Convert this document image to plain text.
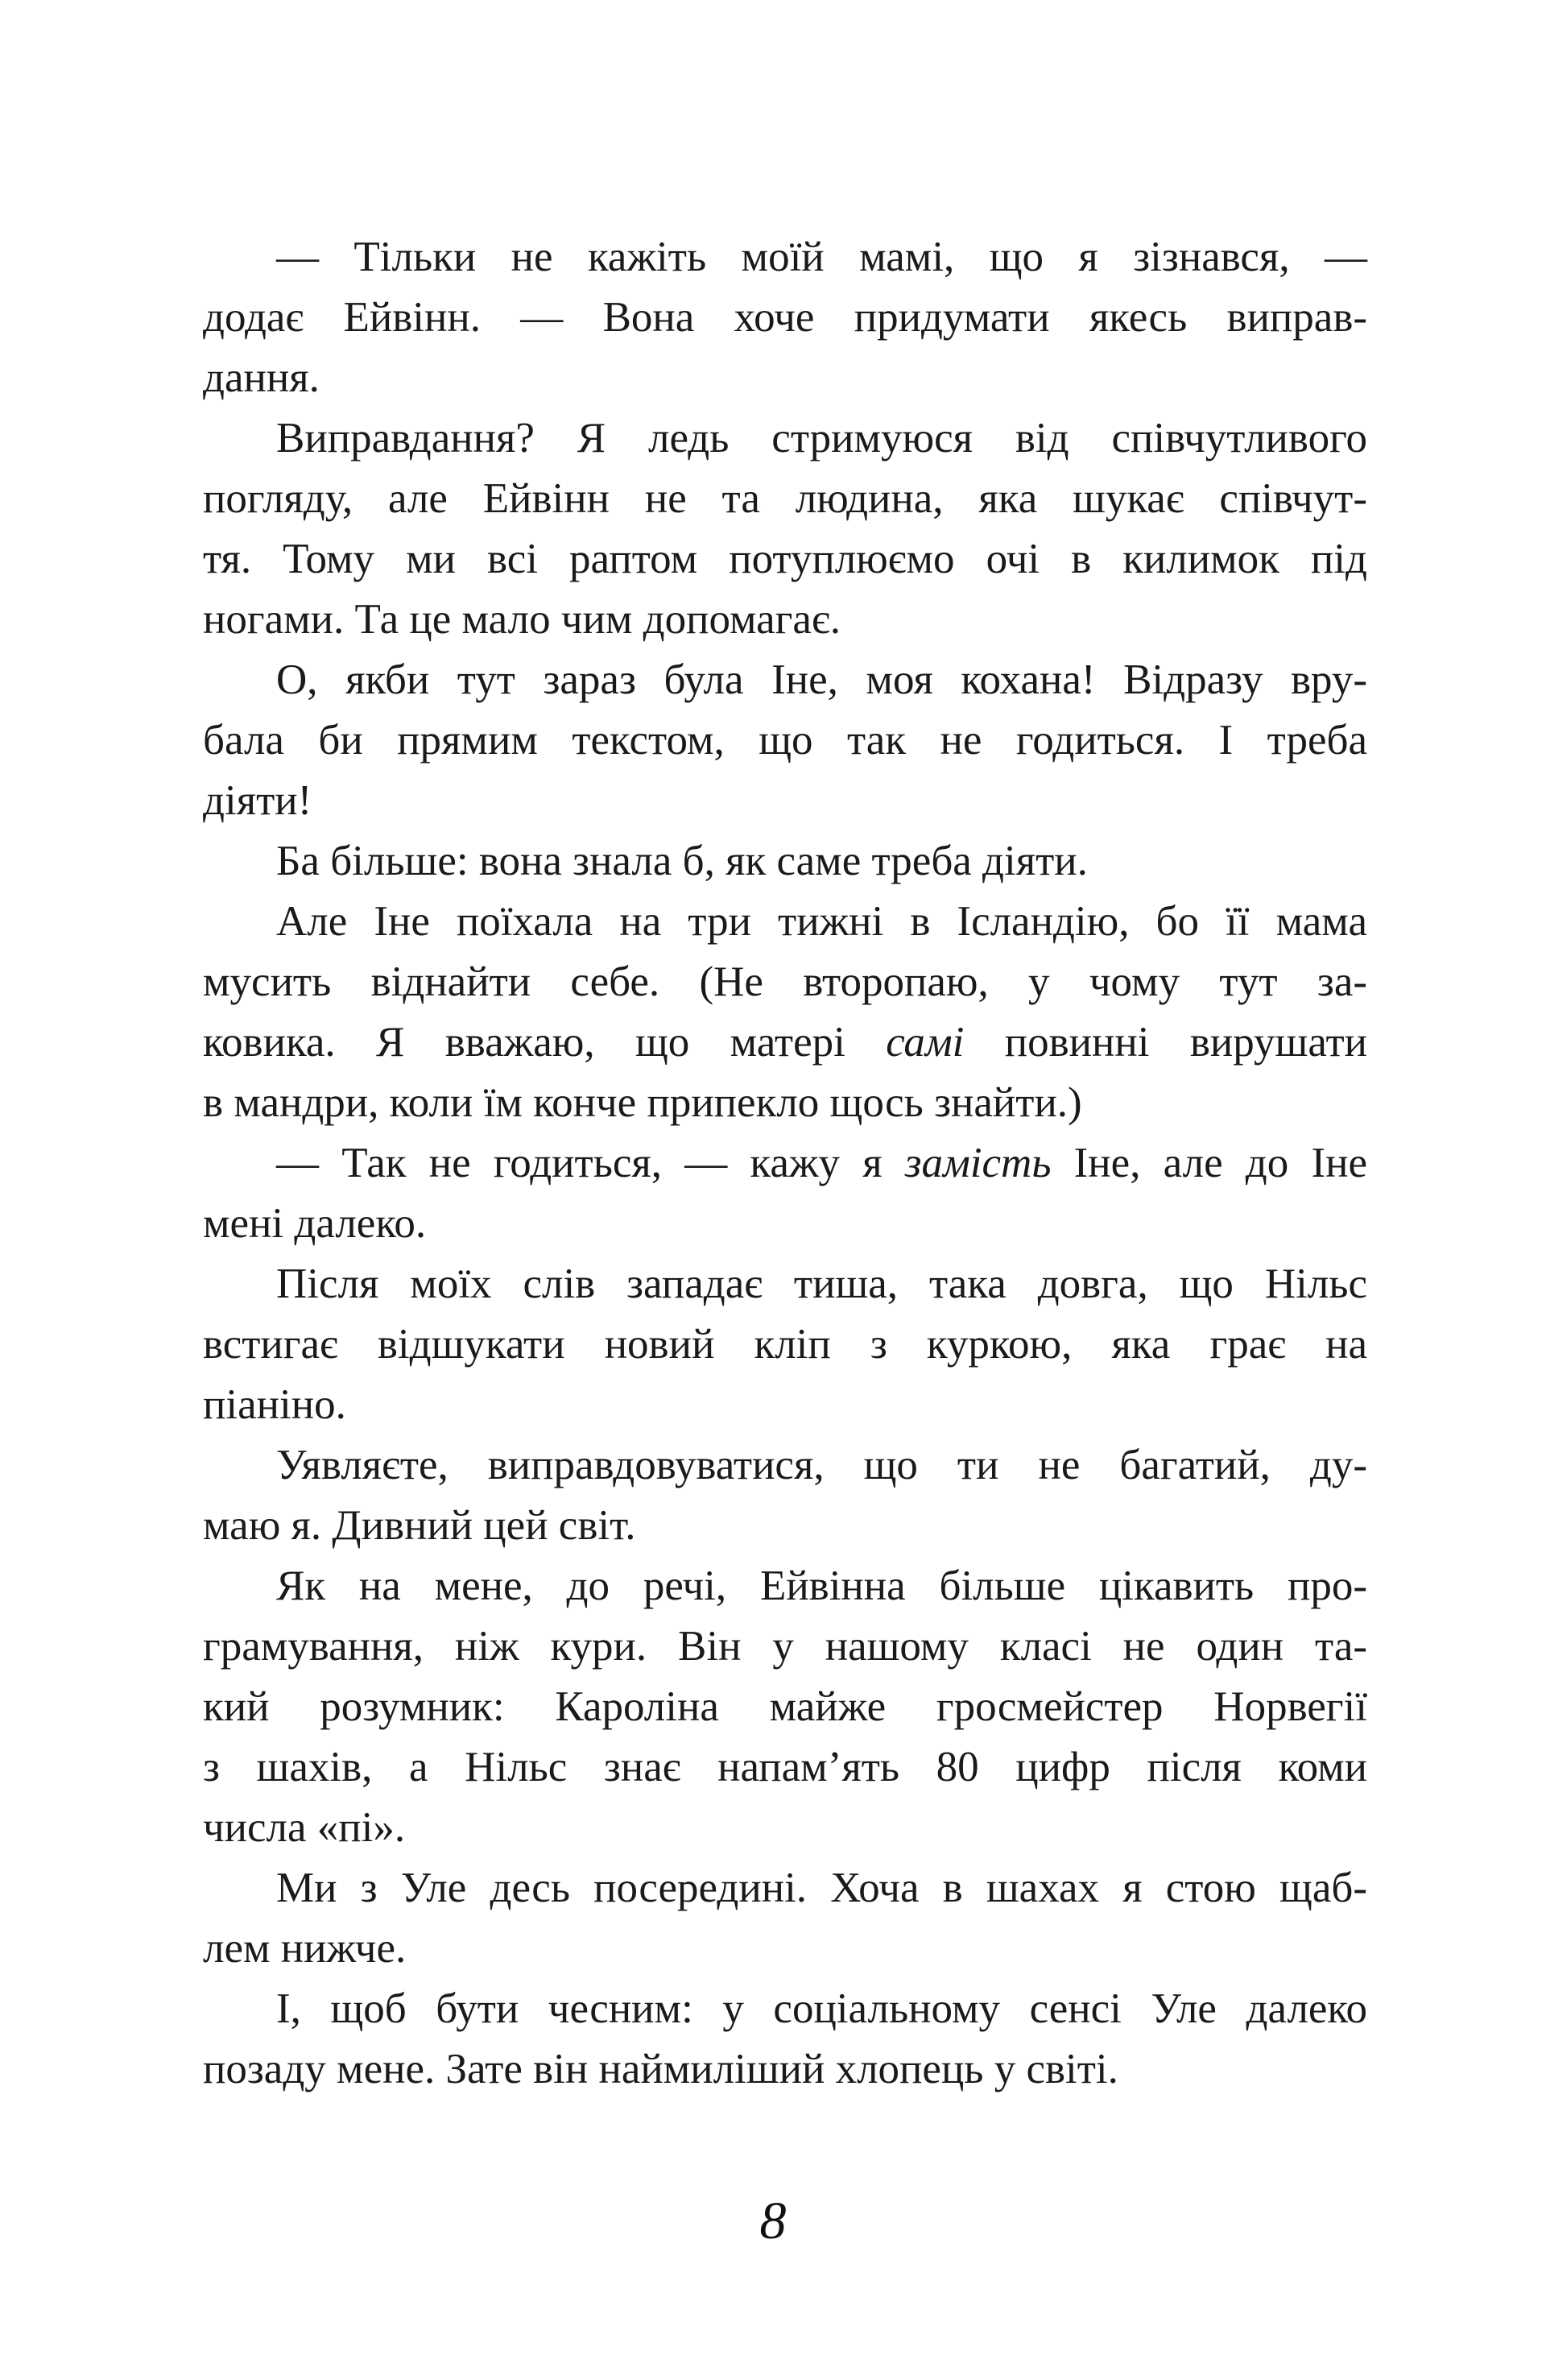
— Тільки не кажіть моїй мамі, що я зізнався, —
додає Ейвінн. — Вона хоче придумати якесь виправ-
дання.
Виправдання? Я ледь стримуюся від співчутливого
погляду, але Ейвінн не та людина, яка шукає співчут-
тя. Тому ми всі раптом потуплюємо очі в килимок під
ногами. Та це мало чим допомагає.
О, якби тут зараз була Іне, моя кохана! Відразу вру-
бала би прямим текстом, що так не годиться. І треба
діяти!
Ба більше: вона знала б, як саме треба діяти.
Але Іне поїхала на три тижні в Ісландію, бо її мама
мусить віднайти себе. (Не второпаю, у чому тут за-
ковика. Я вважаю, що матері самі повинні вирушати
в мандри, коли їм конче припекло щось знайти.)
— Так не годиться, — кажу я замість Іне, але до Іне
мені далеко.
Після моїх слів западає тиша, така довга, що Нільс
встигає відшукати новий кліп з куркою, яка грає на
піаніно.
Уявляєте, виправдовуватися, що ти не багатий, ду-
маю я. Дивний цей світ.
Як на мене, до речі, Ейвінна більше цікавить про-
грамування, ніж кури. Він у нашому класі не один та-
кий розумник: Кароліна майже гросмейстер Норвегії
з шахів, а Нільс знає напам’ять 80 цифр після коми
числа «пі».
Ми з Уле десь посередині. Хоча в шахах я стою щаб-
лем нижче.
І, щоб бути чесним: у соціальному сенсі Уле далеко
позаду мене. Зате він наймиліший хлопець у світі.
8
